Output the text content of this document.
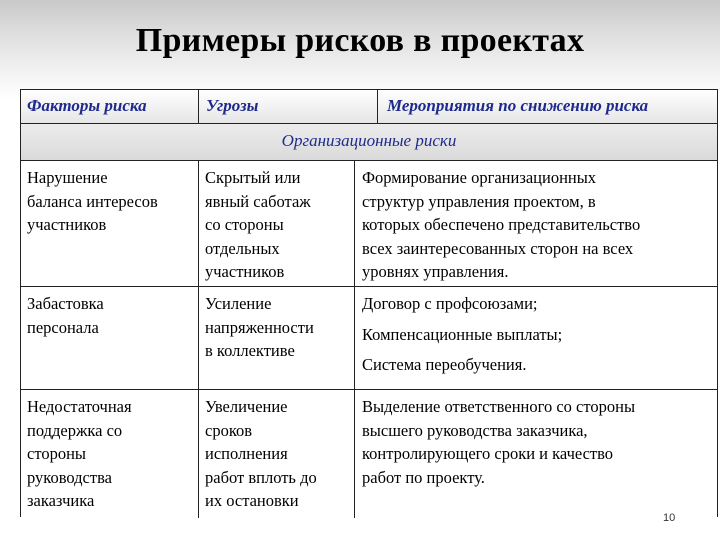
Примеры рисков в проектах
Факторы риска	Угрозы	Мероприятия по снижению риска
Организационные риски
Нарушение
баланса интересов
участников
Скрытый или
явный саботаж
со стороны
отдельных
участников
Формирование организационных
структур управления проектом, в
которых обеспечено представительство
всех заинтересованных сторон на всех
уровнях управления.
Забастовка
персонала
Усиление
напряженности
в коллективе
Договор с профсоюзами;
Компенсационные выплаты;
Система переобучения.
Недостаточная
поддержка со
стороны
руководства
заказчика
Увеличение
сроков
исполнения
работ вплоть до
их остановки
Выделение ответственного со стороны
высшего руководства заказчика,
контролирующего сроки и качество
работ по проекту.
10
